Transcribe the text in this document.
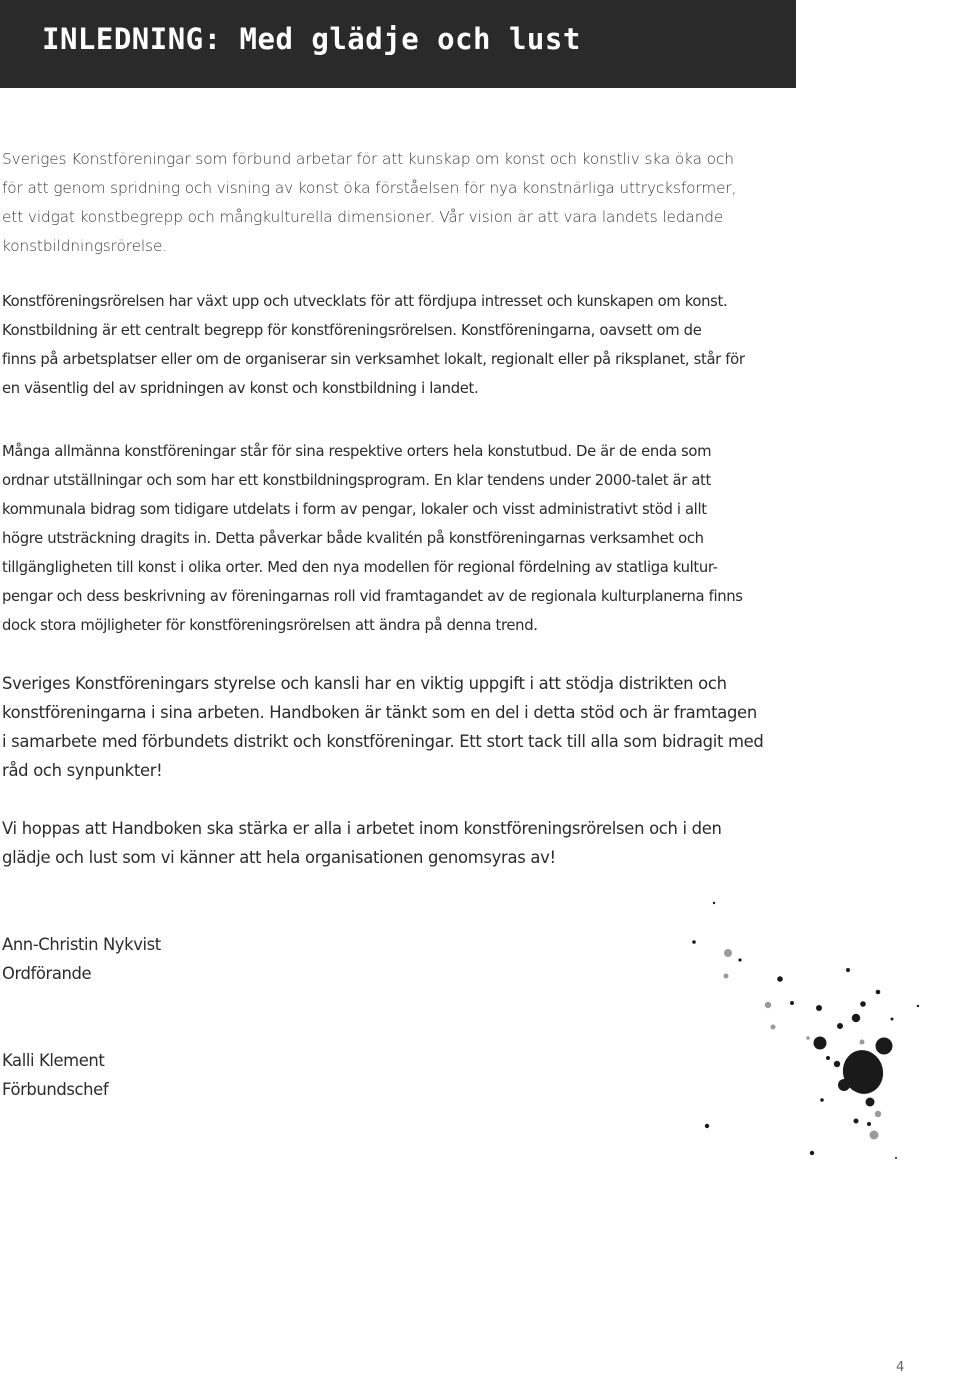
INLEDNING: Med glädje och lust

Sveriges Konstföreningar som förbund arbetar för att kunskap om konst och konstliv ska öka och
för att genom spridning och visning av konst öka förståelsen för nya konstnärliga uttrycksformer,
ett vidgat konstbegrepp och mångkulturella dimensioner. Vår vision är att vara landets ledande
konstbildningsrörelse.

Konstföreningsrörelsen har växt upp och utvecklats för att fördjupa intresset och kunskapen om konst.
Konstbildning är ett centralt begrepp för konstföreningsrörelsen. Konstföreningarna, oavsett om de
finns på arbetsplatser eller om de organiserar sin verksamhet lokalt, regionalt eller på riksplanet, står för
en väsentlig del av spridningen av konst och konstbildning i landet.

Många allmänna konstföreningar står för sina respektive orters hela konstutbud. De är de enda som
ordnar utställningar och som har ett konstbildningsprogram. En klar tendens under 2000-talet är att
kommunala bidrag som tidigare utdelats i form av pengar, lokaler och visst administrativt stöd i allt
högre utsträckning dragits in. Detta påverkar både kvalitén på konstföreningarnas verksamhet och
tillgängligheten till konst i olika orter. Med den nya modellen för regional fördelning av statliga kultur-
pengar och dess beskrivning av föreningarnas roll vid framtagandet av de regionala kulturplanerna finns
dock stora möjligheter för konstföreningsrörelsen att ändra på denna trend.

Sveriges Konstföreningars styrelse och kansli har en viktig uppgift i att stödja distrikten och
konstföreningarna i sina arbeten. Handboken är tänkt som en del i detta stöd och är framtagen
i samarbete med förbundets distrikt och konstföreningar. Ett stort tack till alla som bidragit med
råd och synpunkter!

Vi hoppas att Handboken ska stärka er alla i arbetet inom konstföreningsrörelsen och i den
glädje och lust som vi känner att hela organisationen genomsyras av!

Ann-Christin Nykvist
Ordförande
Kalli Klement
Förbundschef
4
